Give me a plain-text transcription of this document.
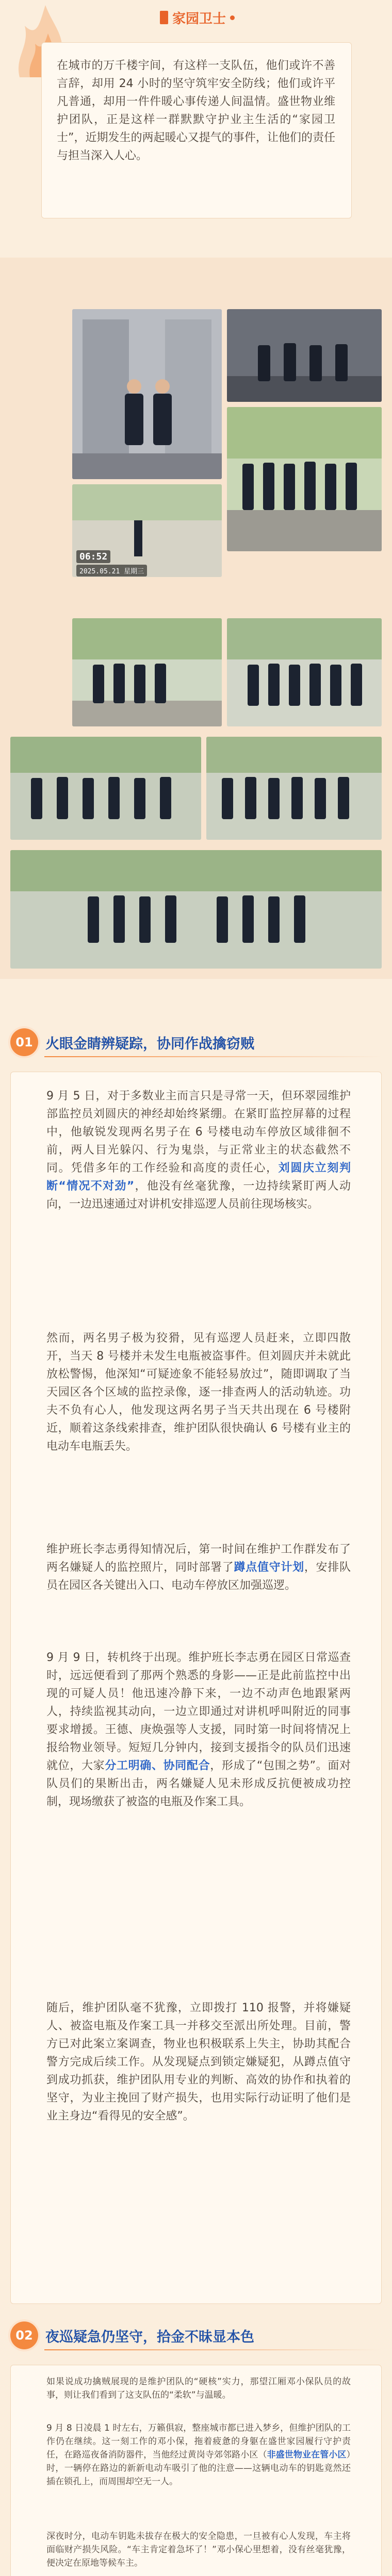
家园卫士

在城市的万千楼宇间，有这样一支队伍，他们或许不善言辞，却用 24 小时的坚守筑牢安全防线；他们或许平凡普通，却用一件件暖心事传递人间温情。盛世物业维护团队，正是这样一群默默守护业主生活的“家园卫士”，近期发生的两起暖心又提气的事件，让他们的责任与担当深入人心。

06:52
2025.05.21 星期三
01 火眼金睛辨疑踪，协同作战擒窃贼

9 月 5 日，对于多数业主而言只是寻常一天，但环翠园维护部监控员刘圆庆的神经却始终紧绷。在紧盯监控屏幕的过程中，他敏锐发现两名男子在 6 号楼电动车停放区域徘徊不前，两人目光躲闪、行为鬼祟，与正常业主的状态截然不同。凭借多年的工作经验和高度的责任心，刘圆庆立刻判断“情况不对劲”，他没有丝毫犹豫，一边持续紧盯两人动向，一边迅速通过对讲机安排巡逻人员前往现场核实。

然而，两名男子极为狡猾，见有巡逻人员赶来，立即四散开，当天 8 号楼并未发生电瓶被盗事件。但刘圆庆并未就此放松警惕，他深知“可疑迹象不能轻易放过”，随即调取了当天园区各个区域的监控录像，逐一排查两人的活动轨迹。功夫不负有心人，他发现这两名男子当天共出现在 6 号楼附近，顺着这条线索排查，维护团队很快确认 6 号楼有业主的电动车电瓶丢失。

维护班长李志勇得知情况后，第一时间在维护工作群发布了两名嫌疑人的监控照片，同时部署了蹲点值守计划，安排队员在园区各关键出入口、电动车停放区加强巡逻。

9 月 9 日，转机终于出现。维护班长李志勇在园区日常巡查时，远远便看到了那两个熟悉的身影——正是此前监控中出现的可疑人员！他迅速冷静下来，一边不动声色地跟紧两人，持续监视其动向，一边立即通过对讲机呼叫附近的同事要求增援。王德、庚焕强等人支援，同时第一时间将情况上报给物业领导。短短几分钟内，接到支援指令的队员们迅速就位，大家分工明确、协同配合，形成了“包围之势”。面对队员们的果断出击，两名嫌疑人见未形成反抗便被成功控制，现场缴获了被盗的电瓶及作案工具。

随后，维护团队毫不犹豫，立即拨打 110 报警，并将嫌疑人、被盗电瓶及作案工具一并移交至派出所处理。目前，警方已对此案立案调查，物业也积极联系上失主，协助其配合警方完成后续工作。从发现疑点到锁定嫌疑犯，从蹲点值守到成功抓获，维护团队用专业的判断、高效的协作和执着的坚守，为业主挽回了财产损失，也用实际行动证明了他们是业主身边“看得见的安全感”。

02 夜巡疑急仍坚守，拾金不昧显本色

如果说成功擒贼展现的是维护团队的“硬核”实力，那望江厢邓小保队员的故事，则让我们看到了这支队伍的“柔软”与温暖。

9 月 8 日凌晨 1 时左右，万籁俱寂，整座城市都已进入梦乡，但维护团队的工作仍在继续。这一刻工作的邓小保，拖着疲惫的身躯在盛世家园履行守护责任，在路巡夜备消防器件，当他经过黄岗寺郊邻路小区（非盛世物业在管小区）时，一辆停在路边的新新电动车吸引了他的注意——这辆电动车的钥匙竟然还插在锁孔上，而周围却空无一人。

深夜时分，电动车钥匙未拔存在极大的安全隐患，一旦被有心人发现，车主将面临财产损失风险。“车主肯定着急坏了！”邓小保心里想着，没有丝毫犹豫，便决定在原地等候车主。
